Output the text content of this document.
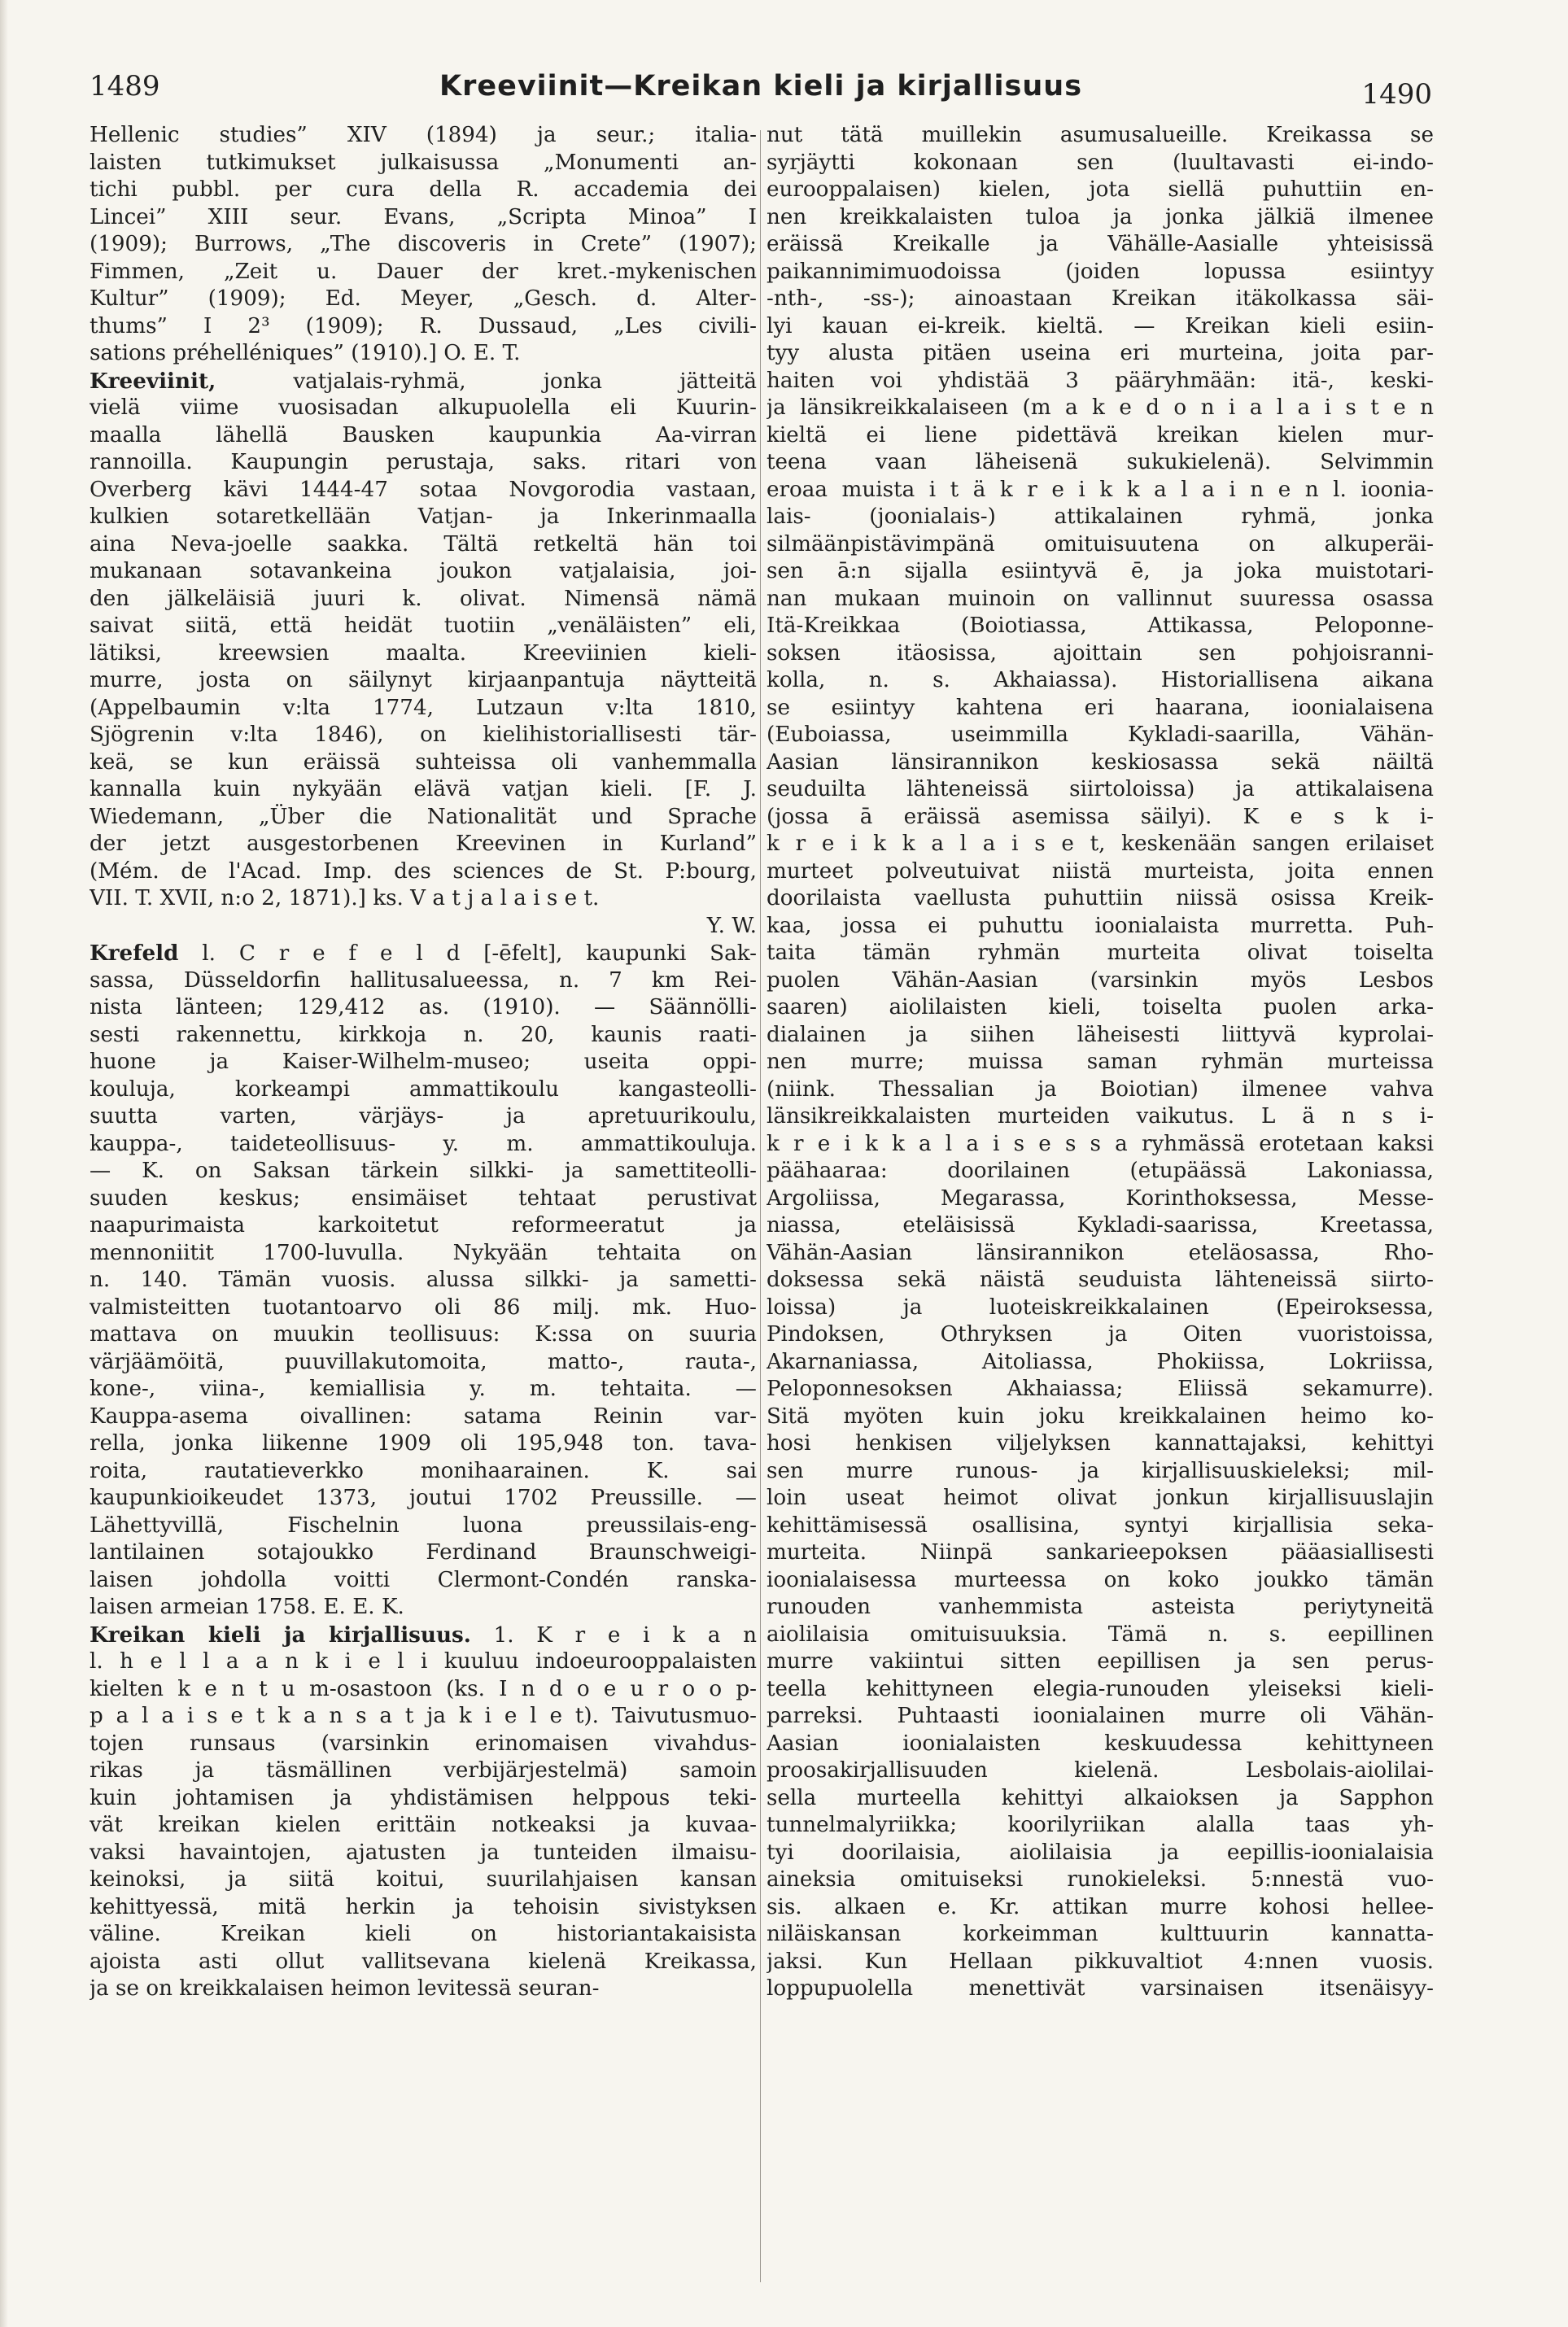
1489	Kreeviinit—Kreikan kieli ja kirjallisuus	1490
Hellenic studies” XIV (1894) ja seur.; italia-
laisten tutkimukset julkaisussa „Monumenti an-
tichi pubbl. per cura della R. accademia dei
Lincei” XIII seur. Evans, „Scripta Minoa” I
(1909); Burrows, „The discoveris in Crete” (1907);
Fimmen, „Zeit u. Dauer der kret.-mykenischen
Kultur” (1909); Ed. Meyer, „Gesch. d. Alter-
thums” I 2³ (1909); R. Dussaud, „Les civili-
sations préhelléniques” (1910).] O. E. T.
Kreeviinit, vatjalais-ryhmä, jonka jätteitä
vielä viime vuosisadan alkupuolella eli Kuurin-
maalla lähellä Bausken kaupunkia Aa-virran
rannoilla. Kaupungin perustaja, saks. ritari von
Overberg kävi 1444-47 sotaa Novgorodia vastaan,
kulkien sotaretkellään Vatjan- ja Inkerinmaalla
aina Neva-joelle saakka. Tältä retkeltä hän toi
mukanaan sotavankeina joukon vatjalaisia, joi-
den jälkeläisiä juuri k. olivat. Nimensä nämä
saivat siitä, että heidät tuotiin „venäläisten” eli,
lätiksi, kreewsien maalta. Kreeviinien kieli-
murre, josta on säilynyt kirjaanpantuja näytteitä
(Appelbaumin v:lta 1774, Lutzaun v:lta 1810,
Sjögrenin v:lta 1846), on kielihistoriallisesti tär-
keä, se kun eräissä suhteissa oli vanhemmalla
kannalla kuin nykyään elävä vatjan kieli. [F. J.
Wiedemann, „Über die Nationalität und Sprache
der jetzt ausgestorbenen Kreevinen in Kurland”
(Mém. de l'Acad. Imp. des sciences de St. P:bourg,
VII. T. XVII, n:o 2, 1871).] ks. V a t j a l a i s e t.
Y. W.
Krefeld l. C r e f e l d [-ēfelt], kaupunki Sak-
sassa, Düsseldorfin hallitusalueessa, n. 7 km Rei-
nista länteen; 129,412 as. (1910). — Säännölli-
sesti rakennettu, kirkkoja n. 20, kaunis raati-
huone ja Kaiser-Wilhelm-museo; useita oppi-
kouluja, korkeampi ammattikoulu kangasteolli-
suutta varten, värjäys- ja apretuurikoulu,
kauppa-, taideteollisuus- y. m. ammattikouluja.
— K. on Saksan tärkein silkki- ja samettiteolli-
suuden keskus; ensimäiset tehtaat perustivat
naapurimaista karkoitetut reformeeratut ja
mennoniitit 1700-luvulla. Nykyään tehtaita on
n. 140. Tämän vuosis. alussa silkki- ja sametti-
valmisteitten tuotantoarvo oli 86 milj. mk. Huo-
mattava on muukin teollisuus: K:ssa on suuria
värjäämöitä, puuvillakutomoita, matto-, rauta-,
kone-, viina-, kemiallisia y. m. tehtaita. —
Kauppa-asema oivallinen: satama Reinin var-
rella, jonka liikenne 1909 oli 195,948 ton. tava-
roita, rautatieverkko monihaarainen. K. sai
kaupunkioikeudet 1373, joutui 1702 Preussille. —
Lähettyvillä, Fischelnin luona preussilais-eng-
lantilainen sotajoukko Ferdinand Braunschweigi-
laisen johdolla voitti Clermont-Condén ranska-
laisen armeian 1758. E. E. K.
Kreikan kieli ja kirjallisuus. 1. K r e i k a n
l. h e l l a a n k i e l i kuuluu indoeurooppalaisten
kielten k e n t u m-osastoon (ks. I n d o e u r o o p-
p a l a i s e t k a n s a t ja k i e l e t). Taivutusmuo-
tojen runsaus (varsinkin erinomaisen vivahdus-
rikas ja täsmällinen verbijärjestelmä) samoin
kuin johtamisen ja yhdistämisen helppous teki-
vät kreikan kielen erittäin notkeaksi ja kuvaa-
vaksi havaintojen, ajatusten ja tunteiden ilmaisu-
keinoksi, ja siitä koitui, suurilahjaisen kansan
kehittyessä, mitä herkin ja tehoisin sivistyksen
väline. Kreikan kieli on historiantakaisista
ajoista asti ollut vallitsevana kielenä Kreikassa,
ja se on kreikkalaisen heimon levitessä seuran-
nut tätä muillekin asumusalueille. Kreikassa se
syrjäytti kokonaan sen (luultavasti ei-indo-
eurooppalaisen) kielen, jota siellä puhuttiin en-
nen kreikkalaisten tuloa ja jonka jälkiä ilmenee
eräissä Kreikalle ja Vähälle-Aasialle yhteisissä
paikannimimuodoissa (joiden lopussa esiintyy
-nth-, -ss-); ainoastaan Kreikan itäkolkassa säi-
lyi kauan ei-kreik. kieltä. — Kreikan kieli esiin-
tyy alusta pitäen useina eri murteina, joita par-
haiten voi yhdistää 3 pääryhmään: itä-, keski-
ja länsikreikkalaiseen (m a k e d o n i a l a i s t e n
kieltä ei liene pidettävä kreikan kielen mur-
teena vaan läheisenä sukukielenä). Selvimmin
eroaa muista i t ä k r e i k k a l a i n e n l. ioonia-
lais- (joonialais-) attikalainen ryhmä, jonka
silmäänpistävimpänä omituisuutena on alkuperäi-
sen ā:n sijalla esiintyvä ē, ja joka muistotari-
nan mukaan muinoin on vallinnut suuressa osassa
Itä-Kreikkaa (Boiotiassa, Attikassa, Peloponne-
soksen itäosissa, ajoittain sen pohjoisranni-
kolla, n. s. Akhaiassa). Historiallisena aikana
se esiintyy kahtena eri haarana, ioonialaisena
(Euboiassa, useimmilla Kykladi-saarilla, Vähän-
Aasian länsirannikon keskiosassa sekä näiltä
seuduilta lähteneissä siirtoloissa) ja attikalaisena
(jossa ā eräissä asemissa säilyi). K e s k i-
k r e i k k a l a i s e t, keskenään sangen erilaiset
murteet polveutuivat niistä murteista, joita ennen
doorilaista vaellusta puhuttiin niissä osissa Kreik-
kaa, jossa ei puhuttu ioonialaista murretta. Puh-
taita tämän ryhmän murteita olivat toiselta
puolen Vähän-Aasian (varsinkin myös Lesbos
saaren) aiolilaisten kieli, toiselta puolen arka-
dialainen ja siihen läheisesti liittyvä kyprolai-
nen murre; muissa saman ryhmän murteissa
(niink. Thessalian ja Boiotian) ilmenee vahva
länsikreikkalaisten murteiden vaikutus. L ä n s i-
k r e i k k a l a i s e s s a ryhmässä erotetaan kaksi
päähaaraa: doorilainen (etupäässä Lakoniassa,
Argoliissa, Megarassa, Korinthoksessa, Messe-
niassa, eteläisissä Kykladi-saarissa, Kreetassa,
Vähän-Aasian länsirannikon eteläosassa, Rho-
doksessa sekä näistä seuduista lähteneissä siirto-
loissa) ja luoteiskreikkalainen (Epeiroksessa,
Pindoksen, Othryksen ja Oiten vuoristoissa,
Akarnaniassa, Aitoliassa, Phokiissa, Lokriissa,
Peloponnesoksen Akhaiassa; Eliissä sekamurre).
Sitä myöten kuin joku kreikkalainen heimo ko-
hosi henkisen viljelyksen kannattajaksi, kehittyi
sen murre runous- ja kirjallisuuskieleksi; mil-
loin useat heimot olivat jonkun kirjallisuuslajin
kehittämisessä osallisina, syntyi kirjallisia seka-
murteita. Niinpä sankarieepoksen pääasiallisesti
ioonialaisessa murteessa on koko joukko tämän
runouden vanhemmista asteista periytyneitä
aiolilaisia omituisuuksia. Tämä n. s. eepillinen
murre vakiintui sitten eepillisen ja sen perus-
teella kehittyneen elegia-runouden yleiseksi kieli-
parreksi. Puhtaasti ioonialainen murre oli Vähän-
Aasian ioonialaisten keskuudessa kehittyneen
proosakirjallisuuden kielenä. Lesbolais-aiolilai-
sella murteella kehittyi alkaioksen ja Sapphon
tunnelmalyriikka; koorilyriikan alalla taas yh-
tyi doorilaisia, aiolilaisia ja eepillis-ioonialaisia
aineksia omituiseksi runokieleksi. 5:nnestä vuo-
sis. alkaen e. Kr. attikan murre kohosi hellee-
niläiskansan korkeimman kulttuurin kannatta-
jaksi. Kun Hellaan pikkuvaltiot 4:nnen vuosis.
loppupuolella menettivät varsinaisen itsenäisyy-
